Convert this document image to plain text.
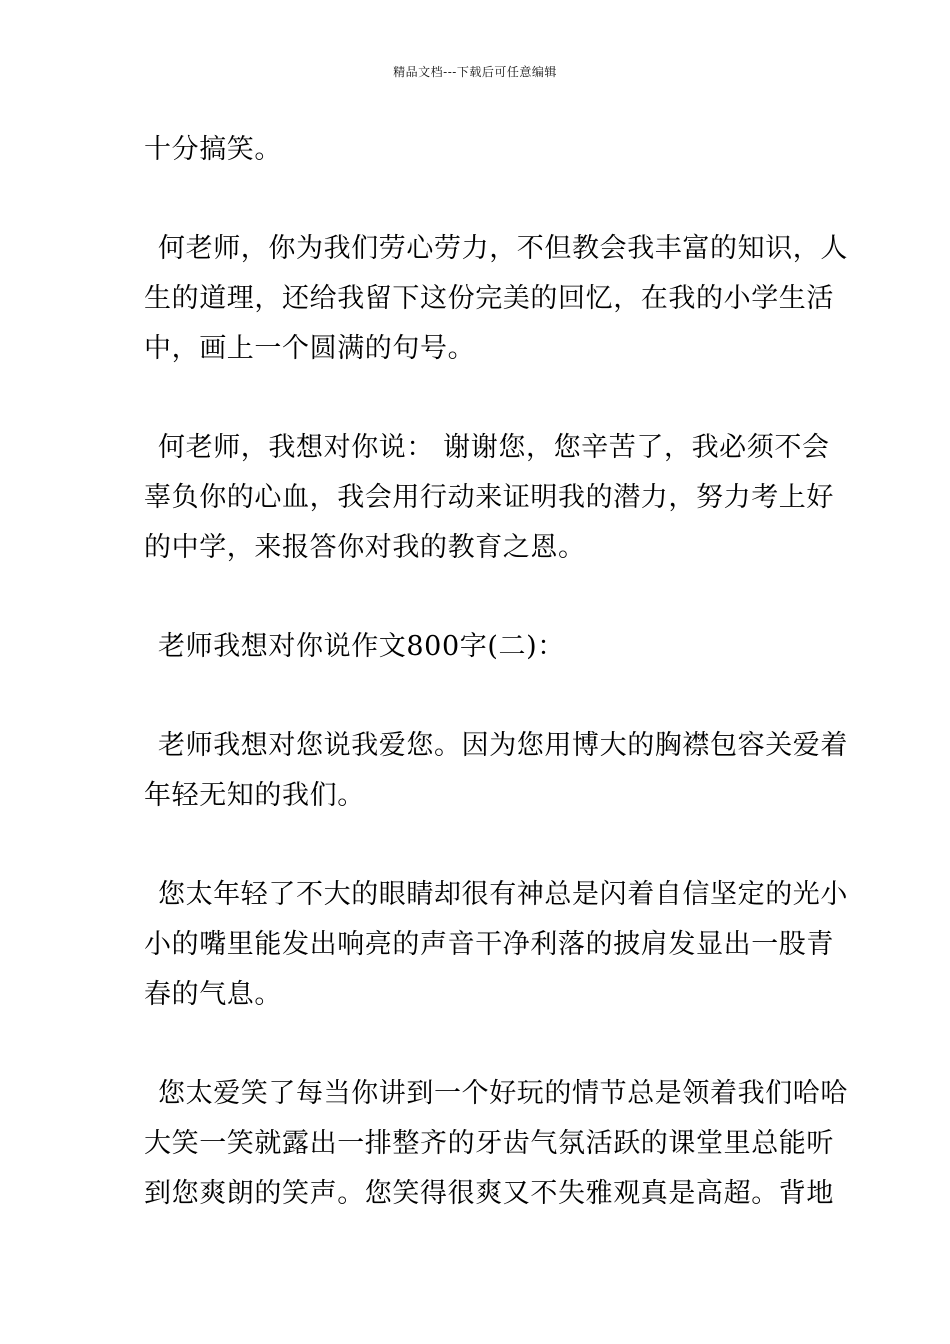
精品文档---下载后可任意编辑
十分搞笑。
何老师，你为我们劳心劳力，不但教会我丰富的知识，人
生的道理，还给我留下这份完美的回忆，在我的小学生活
中，画上一个圆满的句号。
何老师，我想对你说： 谢谢您，您辛苦了，我必须不会
辜负你的心血，我会用行动来证明我的潜力，努力考上好
的中学，来报答你对我的教育之恩。
老师我想对你说作文800字(二)：
老师我想对您说我爱您。因为您用博大的胸襟包容关爱着
年轻无知的我们。
您太年轻了不大的眼睛却很有神总是闪着自信坚定的光小
小的嘴里能发出响亮的声音干净利落的披肩发显出一股青
春的气息。
您太爱笑了每当你讲到一个好玩的情节总是领着我们哈哈
大笑一笑就露出一排整齐的牙齿气氛活跃的课堂里总能听
到您爽朗的笑声。您笑得很爽又不失雅观真是高超。背地
